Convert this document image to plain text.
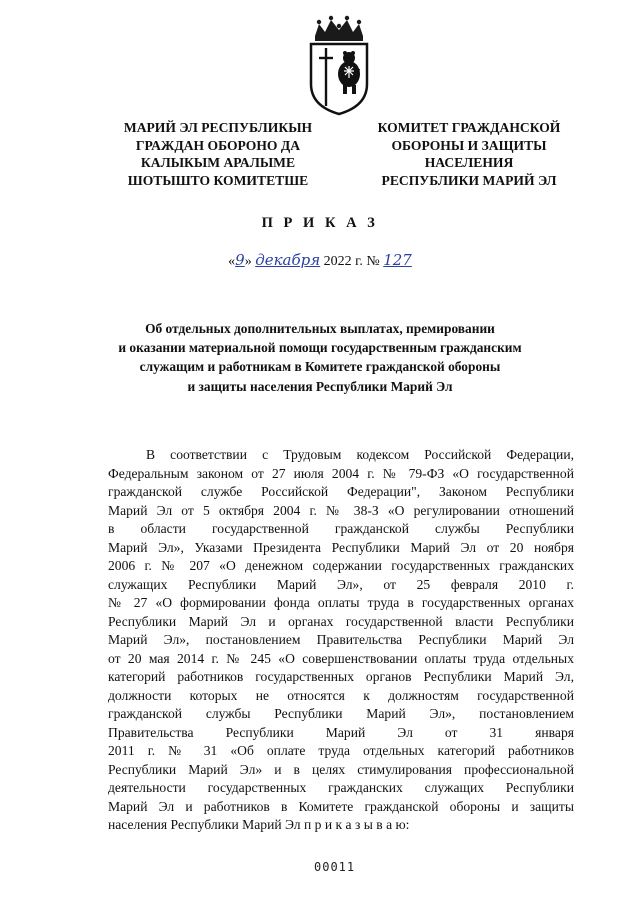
МАРИЙ ЭЛ РЕСПУБЛИКЫН
ГРАЖДАН ОБОРОНО ДА
КАЛЫКЫМ АРАЛЫМЕ
ШОТЫШТО КОМИТЕТШЕ
КОМИТЕТ ГРАЖДАНСКОЙ
ОБОРОНЫ И ЗАЩИТЫ
НАСЕЛЕНИЯ
РЕСПУБЛИКИ МАРИЙ ЭЛ
П Р И К А З
«9» декабря 2022 г. № 127
Об отдельных дополнительных выплатах, премировании
и оказании материальной помощи государственным гражданским
служащим и работникам в Комитете гражданской обороны
и защиты населения Республики Марий Эл
В соответствии с Трудовым кодексом Российской Федерации,
Федеральным законом от 27 июля 2004 г. № 79-ФЗ «О государственной
гражданской службе Российской Федерации", Законом Республики
Марий Эл от 5 октября 2004 г. № 38-З «О регулировании отношений
в области государственной гражданской службы Республики
Марий Эл», Указами Президента Республики Марий Эл от 20 ноября
2006 г. № 207 «О денежном содержании государственных гражданских
служащих Республики Марий Эл», от 25 февраля 2010 г.
№ 27 «О формировании фонда оплаты труда в государственных органах
Республики Марий Эл и органах государственной власти Республики
Марий Эл», постановлением Правительства Республики Марий Эл
от 20 мая 2014 г. № 245 «О совершенствовании оплаты труда отдельных
категорий работников государственных органов Республики Марий Эл,
должности которых не относятся к должностям государственной
гражданской службы Республики Марий Эл», постановлением
Правительства Республики Марий Эл от 31 января
2011 г. № 31 «Об оплате труда отдельных категорий работников
Республики Марий Эл» и в целях стимулирования профессиональной
деятельности государственных гражданских служащих Республики
Марий Эл и работников в Комитете гражданской обороны и защиты
населения Республики Марий Эл п р и к а з ы в а ю:
00011
